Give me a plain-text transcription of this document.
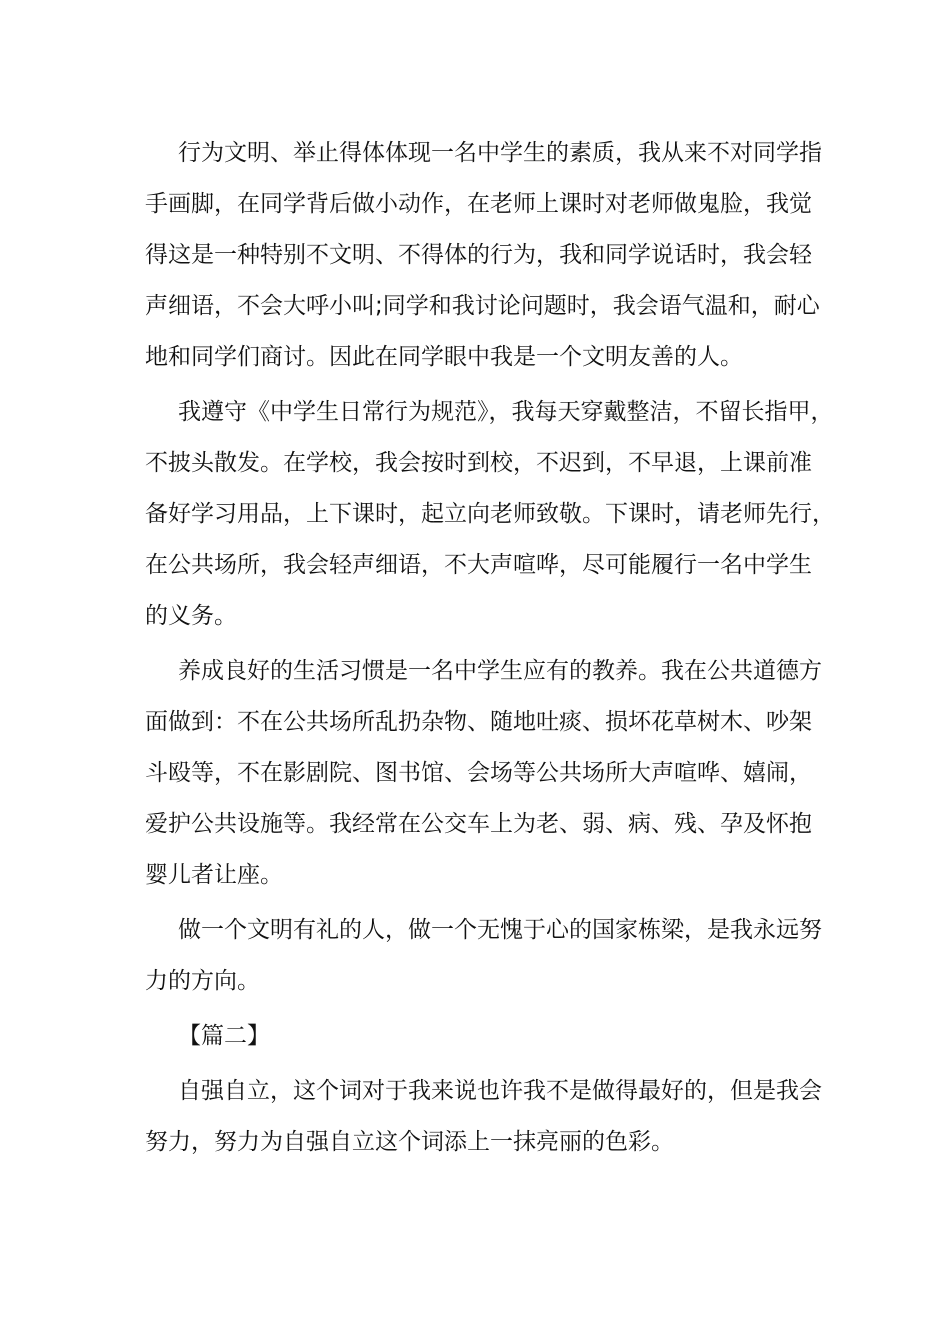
行为文明、举止得体体现一名中学生的素质，我从来不对同学指
手画脚，在同学背后做小动作，在老师上课时对老师做鬼脸，我觉
得这是一种特别不文明、不得体的行为，我和同学说话时，我会轻
声细语，不会大呼小叫;同学和我讨论问题时，我会语气温和，耐心
地和同学们商讨。因此在同学眼中我是一个文明友善的人。
我遵守《中学生日常行为规范》，我每天穿戴整洁，不留长指甲，
不披头散发。在学校，我会按时到校，不迟到，不早退，上课前准
备好学习用品，上下课时，起立向老师致敬。下课时，请老师先行，
在公共场所，我会轻声细语，不大声喧哗，尽可能履行一名中学生
的义务。
养成良好的生活习惯是一名中学生应有的教养。我在公共道德方
面做到：不在公共场所乱扔杂物、随地吐痰、损坏花草树木、吵架
斗殴等，不在影剧院、图书馆、会场等公共场所大声喧哗、嬉闹，
爱护公共设施等。我经常在公交车上为老、弱、病、残、孕及怀抱
婴儿者让座。
做一个文明有礼的人，做一个无愧于心的国家栋梁，是我永远努
力的方向。
【篇二】
自强自立，这个词对于我来说也许我不是做得最好的，但是我会
努力，努力为自强自立这个词添上一抹亮丽的色彩。
